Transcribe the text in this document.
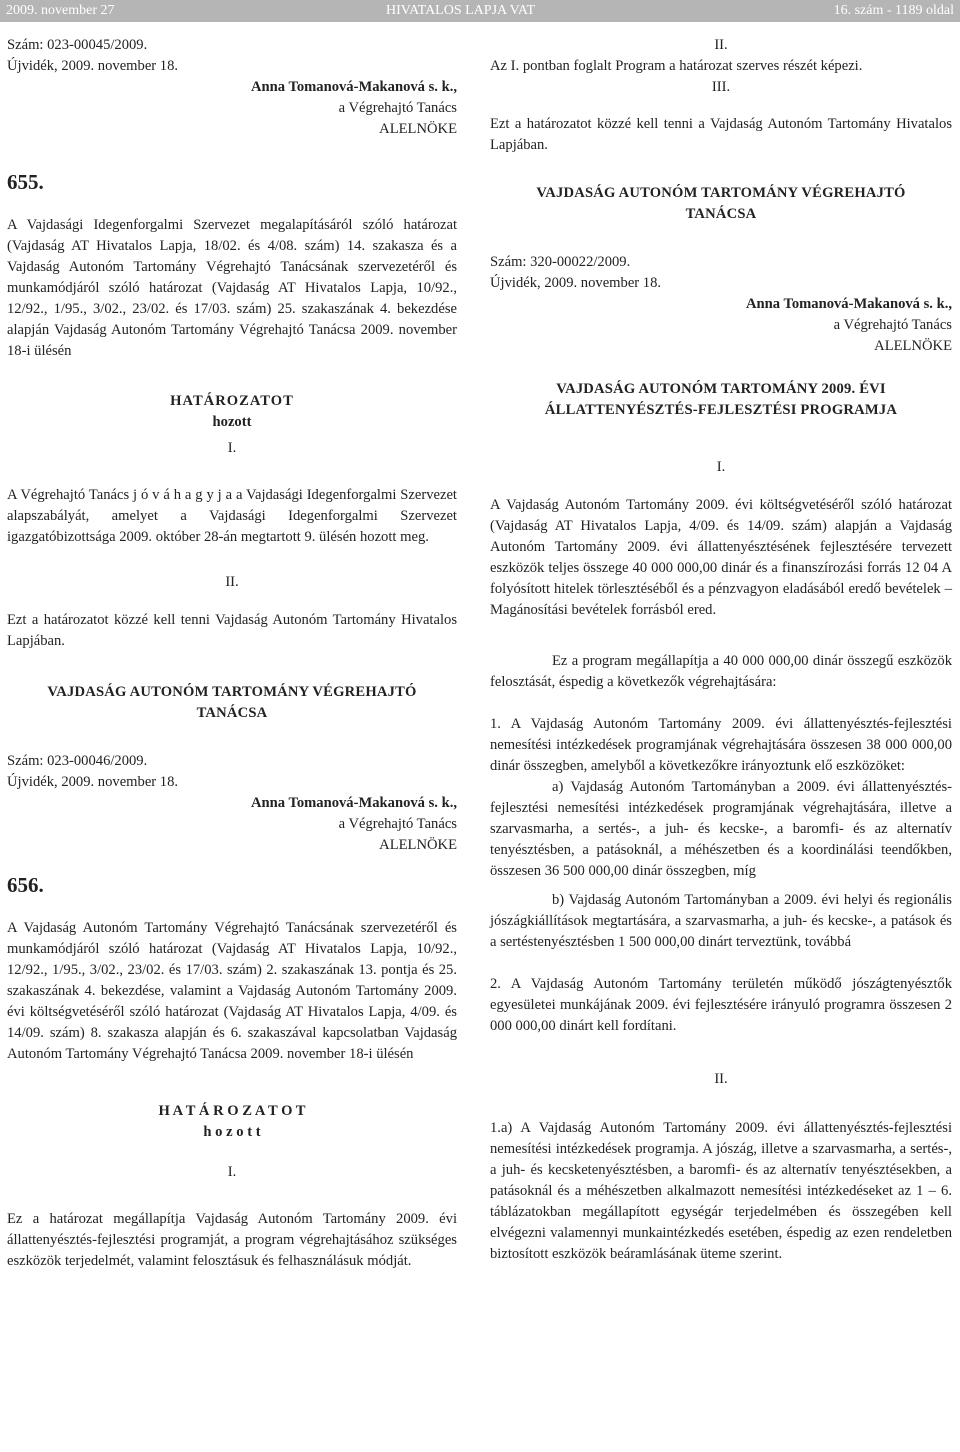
2009. november 27	HIVATALOS LAPJA VAT	16. szám - 1189 oldal

Szám: 023-00045/2009.

Újvidék, 2009. november 18.

Anna Tomanová-Makanová s. k.,

a Végrehajtó Tanács

ALELNÖKE

655.

A Vajdasági Idegenforgalmi Szervezet megalapításáról szóló határozat (Vajdaság AT Hivatalos Lapja, 18/02. és 4/08. szám) 14. szakasza és a Vajdaság Autonóm Tartomány Végrehajtó Tanácsának szervezetéről és munkamódjáról szóló határozat (Vajdaság AT Hivatalos Lapja, 10/92., 12/92., 1/95., 3/02., 23/02. és 17/03. szám) 25. szakaszának 4. bekezdése alapján Vajdaság Autonóm Tartomány Végrehajtó Tanácsa 2009. november 18-i ülésén

HATÁROZATOT

hozott

I.

A Végrehajtó Tanács j ó v á h a g y j a a Vajdasági Idegenforgalmi Szervezet alapszabályát, amelyet a Vajdasági Idegenforgalmi Szervezet igazgatóbizottsága 2009. október 28-án megtartott 9. ülésén hozott meg.

II.

Ezt a határozatot közzé kell tenni Vajdaság Autonóm Tartomány Hivatalos Lapjában.

VAJDASÁG AUTONÓM TARTOMÁNY VÉGREHAJTÓ

TANÁCSA

Szám: 023-00046/2009.

Újvidék, 2009. november 18.

Anna Tomanová-Makanová s. k.,

a Végrehajtó Tanács

ALELNÖKE

656.

A Vajdaság Autonóm Tartomány Végrehajtó Tanácsának szervezetéről és munkamódjáról szóló határozat (Vajdaság AT Hivatalos Lapja, 10/92., 12/92., 1/95., 3/02., 23/02. és 17/03. szám) 2. szakaszának 13. pontja és 25. szakaszának 4. bekezdése, valamint a Vajdaság Autonóm Tartomány 2009. évi költségvetéséről szóló határozat (Vajdaság AT Hivatalos Lapja, 4/09. és 14/09. szám) 8. szakasza alapján és 6. szakaszával kapcsolatban Vajdaság Autonóm Tartomány Végrehajtó Tanácsa 2009. november 18-i ülésén

H A T Á R O Z A T O T

h o z o t t

I.

Ez a határozat megállapítja Vajdaság Autonóm Tartomány 2009. évi állattenyésztés-fejlesztési programját, a program végrehajtásához szükséges eszközök terjedelmét, valamint felosztásuk és felhasználásuk módját.

II.

Az I. pontban foglalt Program a határozat szerves részét képezi.

III.

Ezt a határozatot közzé kell tenni a Vajdaság Autonóm Tartomány Hivatalos Lapjában.

VAJDASÁG AUTONÓM TARTOMÁNY VÉGREHAJTÓ

TANÁCSA

Szám: 320-00022/2009.

Újvidék, 2009. november 18.

Anna Tomanová-Makanová s. k.,

a Végrehajtó Tanács

ALELNÖKE

VAJDASÁG AUTONÓM TARTOMÁNY 2009. ÉVI

ÁLLATTENYÉSZTÉS-FEJLESZTÉSI PROGRAMJA

I.

A Vajdaság Autonóm Tartomány 2009. évi költségvetéséről szóló határozat (Vajdaság AT Hivatalos Lapja, 4/09. és 14/09. szám) alapján a Vajdaság Autonóm Tartomány 2009. évi állattenyésztésének fejlesztésére tervezett eszközök teljes összege 40 000 000,00 dinár és a finanszírozási forrás 12 04 A folyósított hitelek törlesztéséből és a pénzvagyon eladásából eredő bevételek – Magánosítási bevételek forrásból ered.

Ez a program megállapítja a 40 000 000,00 dinár összegű eszközök felosztását, éspedig a következők végrehajtására:

1. A Vajdaság Autonóm Tartomány 2009. évi állattenyésztés-fejlesztési nemesítési intézkedések programjának végrehajtására összesen 38 000 000,00 dinár összegben, amelyből a következőkre irányoztunk elő eszközöket:

a) Vajdaság Autonóm Tartományban a 2009. évi állattenyésztés-fejlesztési nemesítési intézkedések programjának végrehajtására, illetve a szarvasmarha, a sertés-, a juh- és kecske-, a baromfi- és az alternatív tenyésztésben, a patásoknál, a méhészetben és a koordinálási teendőkben, összesen 36 500 000,00 dinár összegben, míg

b) Vajdaság Autonóm Tartományban a 2009. évi helyi és regionális jószágkiállítások megtartására, a szarvasmarha, a juh- és kecske-, a patások és a sertéstenyésztésben 1 500 000,00 dinárt terveztünk, továbbá

2. A Vajdaság Autonóm Tartomány területén működő jószágtenyésztők egyesületei munkájának 2009. évi fejlesztésére irányuló programra összesen 2 000 000,00 dinárt kell fordítani.

II.

1.a) A Vajdaság Autonóm Tartomány 2009. évi állattenyésztés-fejlesztési nemesítési intézkedések programja. A jószág, illetve a szarvasmarha, a sertés-, a juh- és kecsketenyésztésben, a baromfi- és az alternatív tenyésztésekben, a patásoknál és a méhészetben alkalmazott nemesítési intézkedéseket az 1 – 6. táblázatokban megállapított egységár terjedelmében és összegében kell elvégezni valamennyi munkaintézkedés esetében, éspedig az ezen rendeletben biztosított eszközök beáramlásának üteme szerint.
